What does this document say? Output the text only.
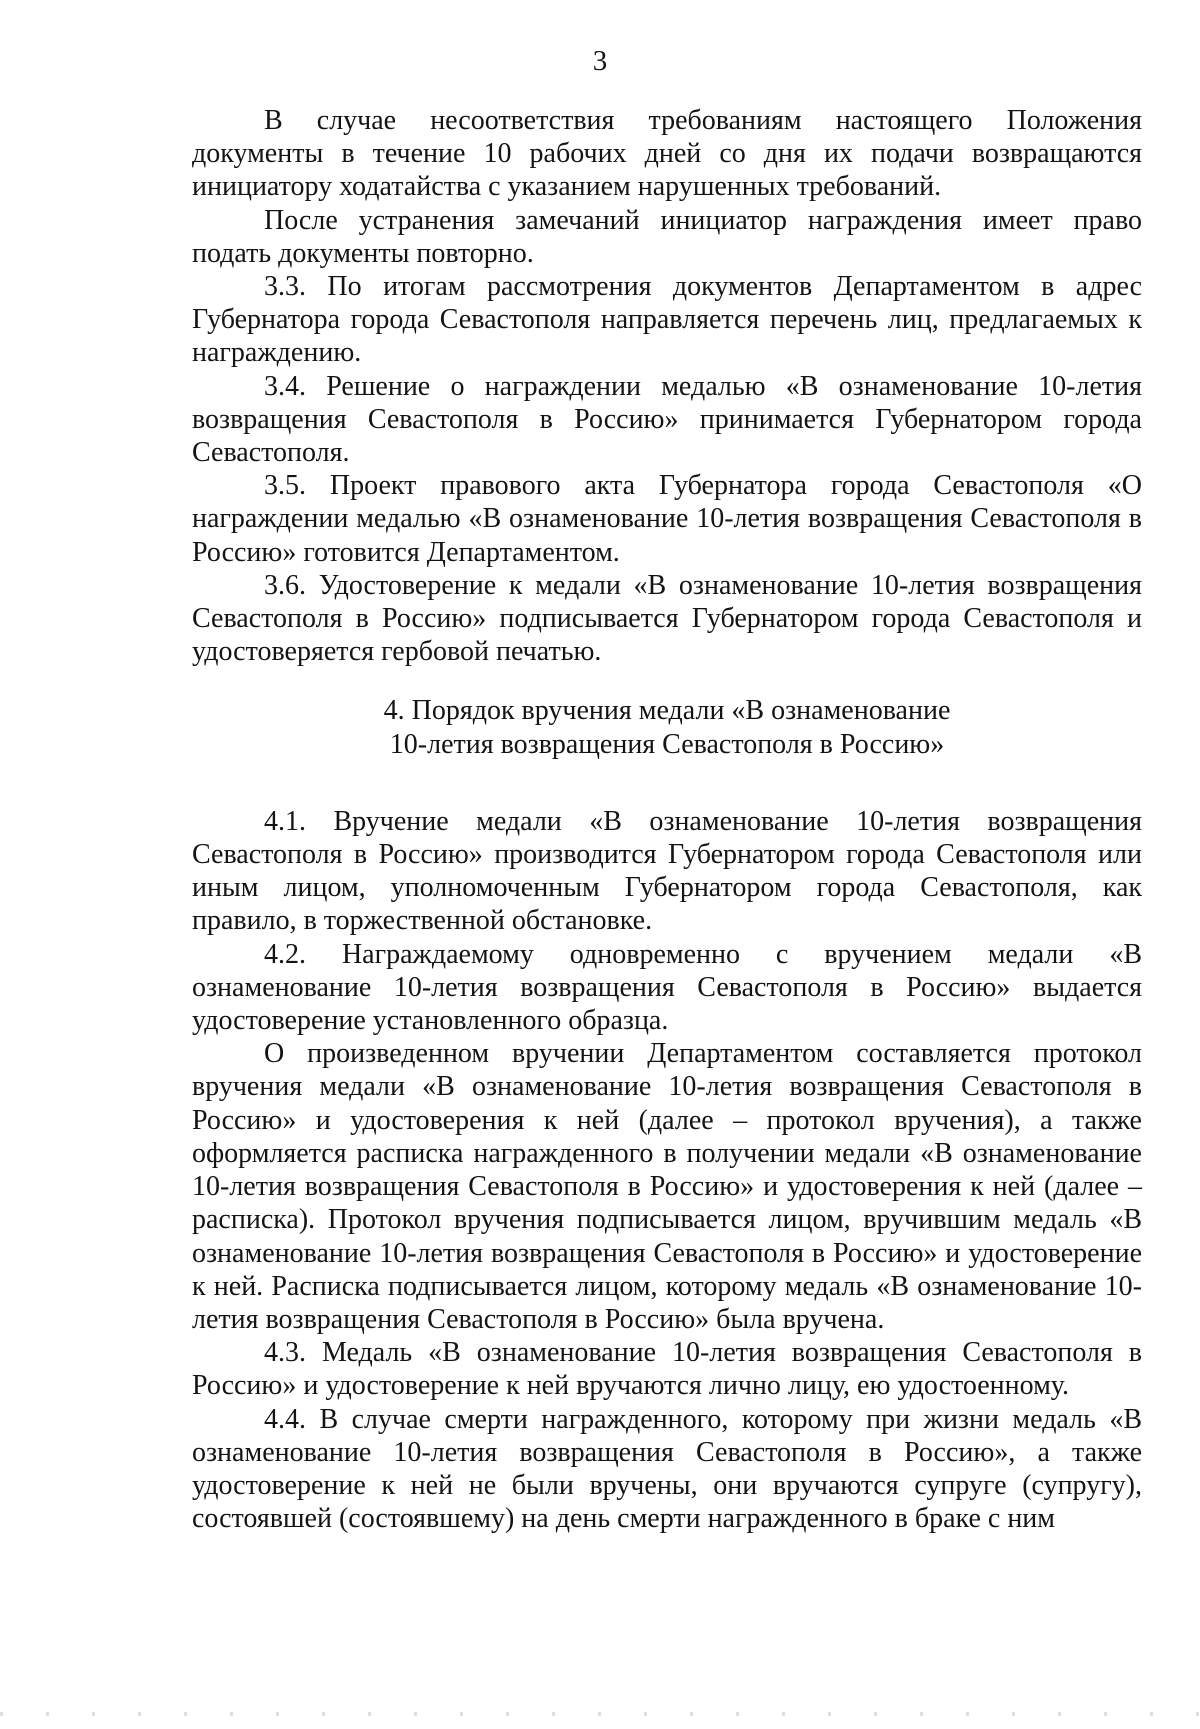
3

В случае несоответствия требованиям настоящего Положения документы в течение 10 рабочих дней со дня их подачи возвращаются инициатору ходатайства с указанием нарушенных требований.

После устранения замечаний инициатор награждения имеет право подать документы повторно.

3.3. По итогам рассмотрения документов Департаментом в адрес Губернатора города Севастополя направляется перечень лиц, предлагаемых к награждению.

3.4. Решение о награждении медалью «В ознаменование 10-летия возвращения Севастополя в Россию» принимается Губернатором города Севастополя.

3.5. Проект правового акта Губернатора города Севастополя «О награждении медалью «В ознаменование 10-летия возвращения Севастополя в Россию» готовится Департаментом.

3.6. Удостоверение к медали «В ознаменование 10-летия возвращения Севастополя в Россию» подписывается Губернатором города Севастополя и удостоверяется гербовой печатью.

4. Порядок вручения медали «В ознаменование
10-летия возвращения Севастополя в Россию»

4.1. Вручение медали «В ознаменование 10-летия возвращения Севастополя в Россию» производится Губернатором города Севастополя или иным лицом, уполномоченным Губернатором города Севастополя, как правило, в торжественной обстановке.

4.2. Награждаемому одновременно с вручением медали «В ознаменование 10-летия возвращения Севастополя в Россию» выдается удостоверение установленного образца.

О произведенном вручении Департаментом составляется протокол вручения медали «В ознаменование 10-летия возвращения Севастополя в Россию» и удостоверения к ней (далее – протокол вручения), а также оформляется расписка награжденного в получении медали «В ознаменование 10-летия возвращения Севастополя в Россию» и удостоверения к ней (далее – расписка). Протокол вручения подписывается лицом, вручившим медаль «В ознаменование 10-летия возвращения Севастополя в Россию» и удостоверение к ней. Расписка подписывается лицом, которому медаль «В ознаменование 10-летия возвращения Севастополя в Россию» была вручена.

4.3. Медаль «В ознаменование 10-летия возвращения Севастополя в Россию» и удостоверение к ней вручаются лично лицу, ею удостоенному.

4.4. В случае смерти награжденного, которому при жизни медаль «В ознаменование 10-летия возвращения Севастополя в Россию», а также удостоверение к ней не были вручены, они вручаются супруге (супругу), состоявшей (состоявшему) на день смерти награжденного в браке с ним
